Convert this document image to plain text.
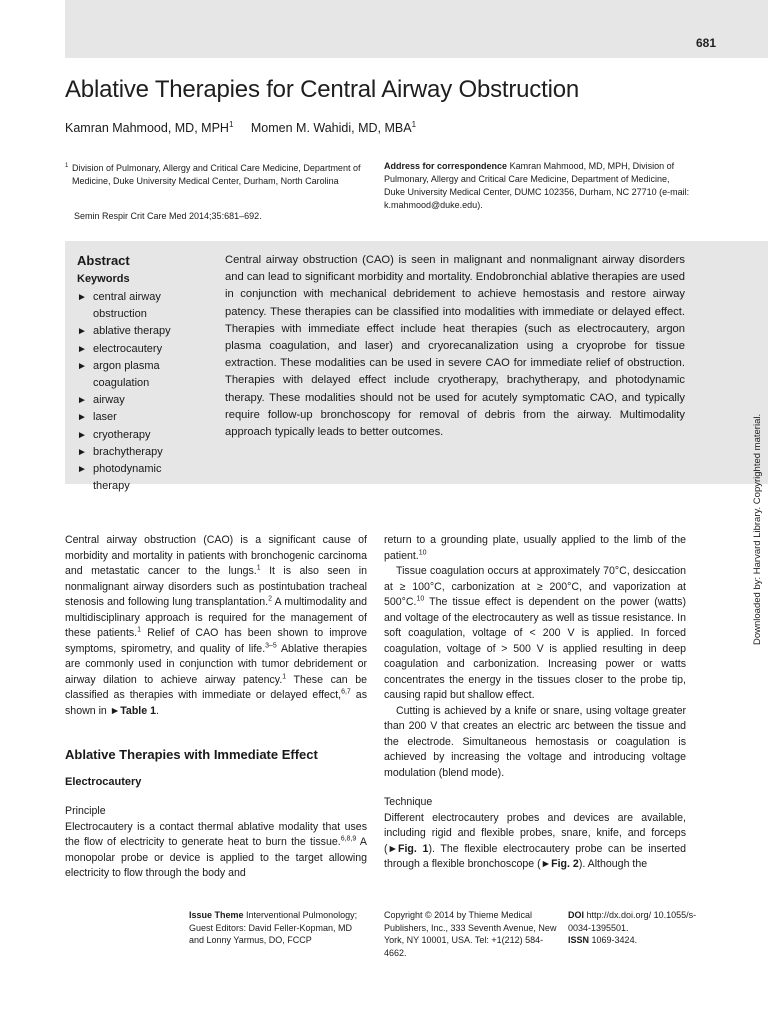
681
Ablative Therapies for Central Airway Obstruction
Kamran Mahmood, MD, MPH$^1$ Momen M. Wahidi, MD, MBA$^1$
$^1$ Division of Pulmonary, Allergy and Critical Care Medicine, Department of Medicine, Duke University Medical Center, Durham, North Carolina
Address for correspondence Kamran Mahmood, MD, MPH, Division of Pulmonary, Allergy and Critical Care Medicine, Department of Medicine, Duke University Medical Center, DUMC 102356, Durham, NC 27710 (e-mail: k.mahmood@duke.edu).
Semin Respir Crit Care Med 2014;35:681–692.
Abstract
Keywords
► central airway obstruction
► ablative therapy
► electrocautery
► argon plasma coagulation
► airway
► laser
► cryotherapy
► brachytherapy
► photodynamic therapy
Central airway obstruction (CAO) is seen in malignant and nonmalignant airway disorders and can lead to significant morbidity and mortality. Endobronchial ablative therapies are used in conjunction with mechanical debridement to achieve hemostasis and restore airway patency. These therapies can be classified into modalities with immediate or delayed effect. Therapies with immediate effect include heat therapies (such as electrocautery, argon plasma coagulation, and laser) and cryorecanalization using a cryoprobe for tissue extraction. These modalities can be used in severe CAO for immediate relief of obstruction. Therapies with delayed effect include cryotherapy, brachytherapy, and photodynamic therapy. These modalities should not be used for acutely symptomatic CAO, and typically require follow-up bronchoscopy for removal of debris from the airway. Multimodality approach typically leads to better outcomes.	Downloaded by: Harvard Library. Copyrighted material.

Central airway obstruction (CAO) is a significant cause of morbidity and mortality in patients with bronchogenic carcinoma and metastatic cancer to the lungs.$^1$ It is also seen in nonmalignant airway disorders such as postintubation tracheal stenosis and following lung transplantation.$^2$ A multimodality and multidisciplinary approach is required for the management of these patients.$^1$ Relief of CAO has been shown to improve symptoms, spirometry, and quality of life.$^{3-5}$ Ablative therapies are commonly used in conjunction with tumor debridement or airway dilation to achieve airway patency.$^1$ These can be classified as therapies with immediate or delayed effect,$^{6,7}$ as shown in ►Table 1.

Ablative Therapies with Immediate Effect
Electrocautery
Principle

Electrocautery is a contact thermal ablative modality that uses the flow of electricity to generate heat to burn the tissue.$^{6,8,9}$ A monopolar probe or device is applied to the target allowing electricity to flow through the body and

return to a grounding plate, usually applied to the limb of the patient.$^{10}$

Tissue coagulation occurs at approximately 70°C, desiccation at ≥ 100°C, carbonization at ≥ 200°C, and vaporization at 500°C.$^{10}$ The tissue effect is dependent on the power (watts) and voltage of the electrocautery as well as tissue resistance. In soft coagulation, voltage of < 200 V is applied. In forced coagulation, voltage of > 500 V is applied resulting in deep coagulation and carbonization. Increasing power or watts concentrates the energy in the tissues closer to the probe tip, causing rapid but shallow effect.

Cutting is achieved by a knife or snare, using voltage greater than 200 V that creates an electric arc between the tissue and the electrode. Simultaneous hemostasis or coagulation is achieved by increasing the voltage and introducing voltage modulation (blend mode).

Technique

Different electrocautery probes and devices are available, including rigid and flexible probes, snare, knife, and forceps (►Fig. 1). The flexible electrocautery probe can be inserted through a flexible bronchoscope (►Fig. 2). Although the

Issue Theme Interventional Pulmonology; Guest Editors: David Feller-Kopman, MD and Lonny Yarmus, DO, FCCP
Copyright © 2014 by Thieme Medical Publishers, Inc., 333 Seventh Avenue, New York, NY 10001, USA. Tel: +1(212) 584-4662.
DOI http://dx.doi.org/ 10.1055/s-0034-1395501.
ISSN 1069-3424.
